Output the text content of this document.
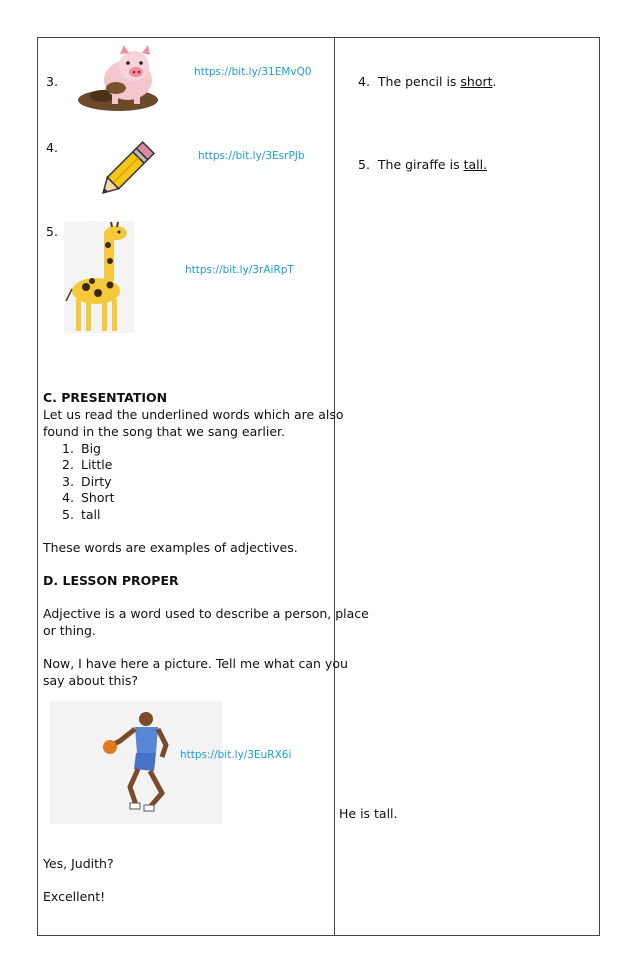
3.
https://bit.ly/31EMvQ0
4.
https://bit.ly/3EsrPJb
5.
https://bit.ly/3rAiRpT
C. PRESENTATION
Let us read the underlined words which are also
found in the song that we sang earlier.
1. Big
2. Little
3. Dirty
4. Short
5. tall
These words are examples of adjectives.
D. LESSON PROPER
Adjective is a word used to describe a person, place
or thing.
Now, I have here a picture. Tell me what can you
say about this?
https://bit.ly/3EuRX6i
Yes, Judith?
Excellent!
4. The pencil is short.
5. The giraffe is tall.
He is tall.
